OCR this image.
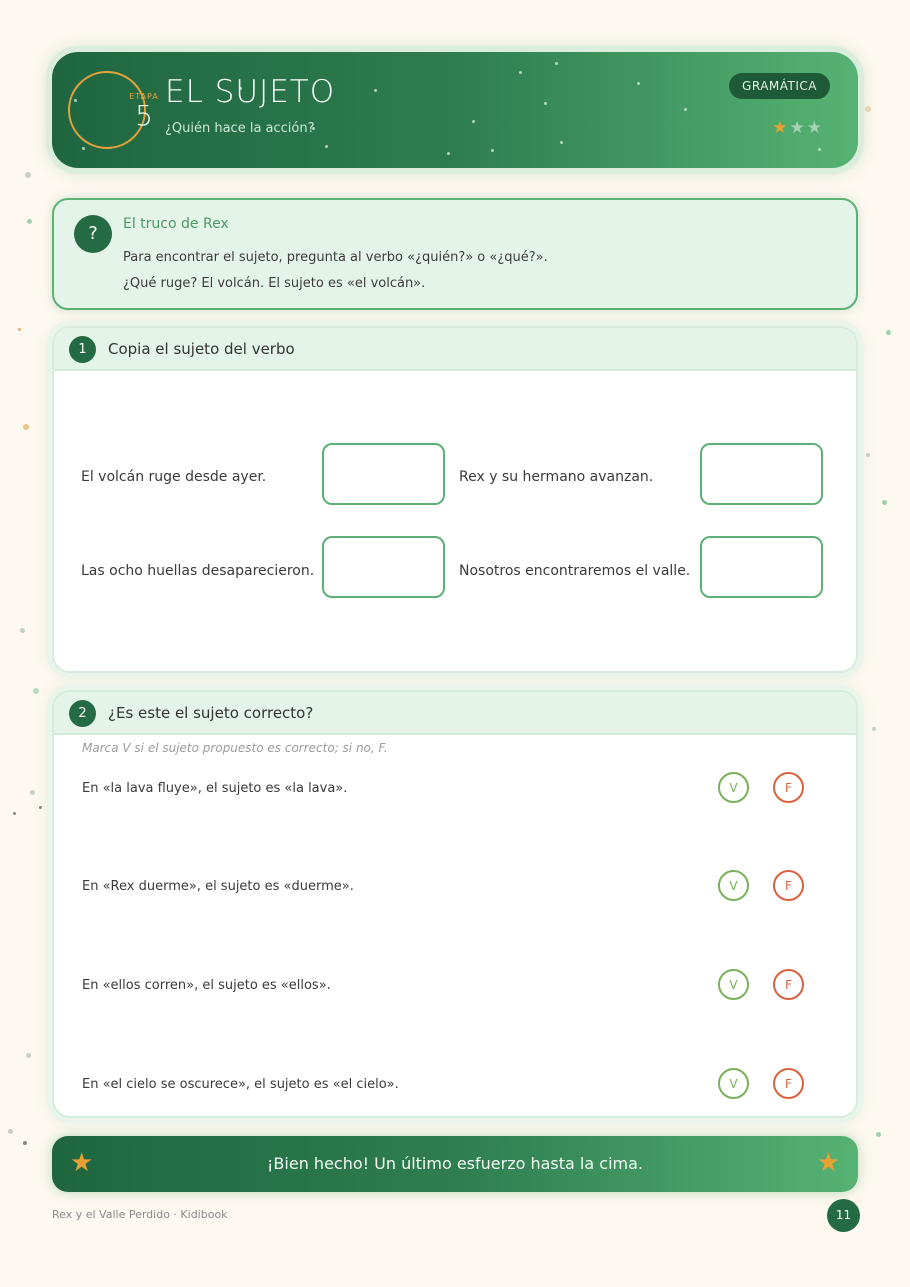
ETAPA
5
EL SUJETO
¿Quién hace la acción?
GRAMÁTICA
★★★
?	El truco de Rex
Para encontrar el sujeto, pregunta al verbo «¿quién?» o «¿qué?».
¿Qué ruge? El volcán. El sujeto es «el volcán».
1	Copia el sujeto del verbo
El volcán ruge desde ayer.	Rex y su hermano avanzan.
Las ocho huellas desaparecieron.	Nosotros encontraremos el valle.
2	¿Es este el sujeto correcto?
Marca V si el sujeto propuesto es correcto; si no, F.
En «la lava fluye», el sujeto es «la lava».	V	F
En «Rex duerme», el sujeto es «duerme».	V	F
En «ellos corren», el sujeto es «ellos».	V	F
En «el cielo se oscurece», el sujeto es «el cielo».	V	F
★	¡Bien hecho! Un último esfuerzo hasta la cima.	★
Rex y el Valle Perdido · Kidibook	11
